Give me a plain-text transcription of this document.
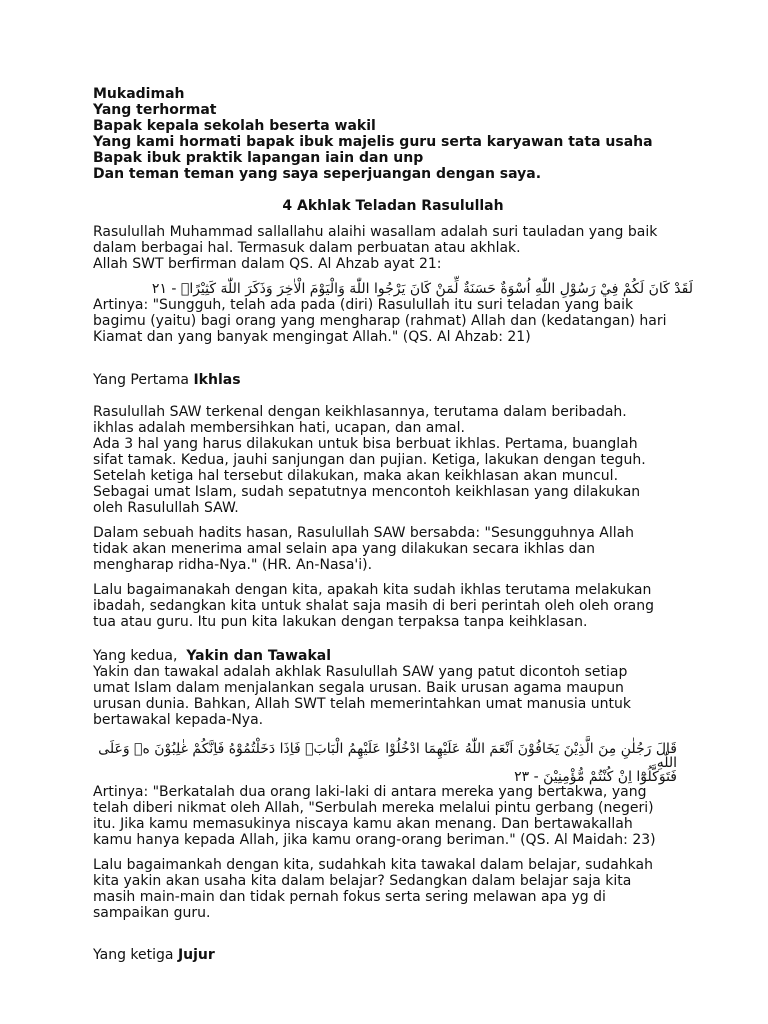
Mukadimah
Yang terhormat
Bapak kepala sekolah beserta wakil
Yang kami hormati bapak ibuk majelis guru serta karyawan tata usaha
Bapak ibuk praktik lapangan iain dan unp
Dan teman teman yang saya seperjuangan dengan saya.
4 Akhlak Teladan Rasulullah

Rasulullah Muhammad sallallahu alaihi wasallam adalah suri tauladan yang baik
dalam berbagai hal. Termasuk dalam perbuatan atau akhlak.
Allah SWT berfirman dalam QS. Al Ahzab ayat 21:

لَقَدْ كَانَ لَكُمْ فِيْ رَسُوْلِ اللّٰهِ اُسْوَةٌ حَسَنَةٌ لِّمَنْ كَانَ يَرْجُوا اللّٰهَ وَالْيَوْمَ الْاٰخِرَ وَذَكَرَ اللّٰهَ كَثِيْرًاۗ - ٢١

Artinya: "Sungguh, telah ada pada (diri) Rasulullah itu suri teladan yang baik
bagimu (yaitu) bagi orang yang mengharap (rahmat) Allah dan (kedatangan) hari
Kiamat dan yang banyak mengingat Allah." (QS. Al Ahzab: 21)

Yang Pertama Ikhlas

Rasulullah SAW terkenal dengan keikhlasannya, terutama dalam beribadah.
ikhlas adalah membersihkan hati, ucapan, dan amal.
Ada 3 hal yang harus dilakukan untuk bisa berbuat ikhlas. Pertama, buanglah
sifat tamak. Kedua, jauhi sanjungan dan pujian. Ketiga, lakukan dengan teguh.
Setelah ketiga hal tersebut dilakukan, maka akan keikhlasan akan muncul.
Sebagai umat Islam, sudah sepatutnya mencontoh keikhlasan yang dilakukan
oleh Rasulullah SAW.

Dalam sebuah hadits hasan, Rasulullah SAW bersabda: "Sesungguhnya Allah
tidak akan menerima amal selain apa yang dilakukan secara ikhlas dan
mengharap ridha-Nya." (HR. An-Nasa'i).

Lalu bagaimanakah dengan kita, apakah kita sudah ikhlas terutama melakukan
ibadah, sedangkan kita untuk shalat saja masih di beri perintah oleh oleh orang
tua atau guru. Itu pun kita lakukan dengan terpaksa tanpa keihklasan.

Yang kedua,  Yakin dan Tawakal

Yakin dan tawakal adalah akhlak Rasulullah SAW yang patut dicontoh setiap
umat Islam dalam menjalankan segala urusan. Baik urusan agama maupun
urusan dunia. Bahkan, Allah SWT telah memerintahkan umat manusia untuk
bertawakal kepada-Nya.

قَالَ رَجُلٰنِ مِنَ الَّذِيْنَ يَخَافُوْنَ اَنْعَمَ اللّٰهُ عَلَيْهِمَا ادْخُلُوْا عَلَيْهِمُ الْبَابَۚ فَاِذَا دَخَلْتُمُوْهُ فَاِنَّكُمْ غٰلِبُوْنَ ەۙ وَعَلَى اللّٰهِ
فَتَوَكَّلُوْٓا اِنْ كُنْتُمْ مُّؤْمِنِيْنَ - ٢٣

Artinya: "Berkatalah dua orang laki-laki di antara mereka yang bertakwa, yang
telah diberi nikmat oleh Allah, "Serbulah mereka melalui pintu gerbang (negeri)
itu. Jika kamu memasukinya niscaya kamu akan menang. Dan bertawakallah
kamu hanya kepada Allah, jika kamu orang-orang beriman." (QS. Al Maidah: 23)

Lalu bagaimankah dengan kita, sudahkah kita tawakal dalam belajar, sudahkah
kita yakin akan usaha kita dalam belajar? Sedangkan dalam belajar saja kita
masih main-main dan tidak pernah fokus serta sering melawan apa yg di
sampaikan guru.

Yang ketiga Jujur
